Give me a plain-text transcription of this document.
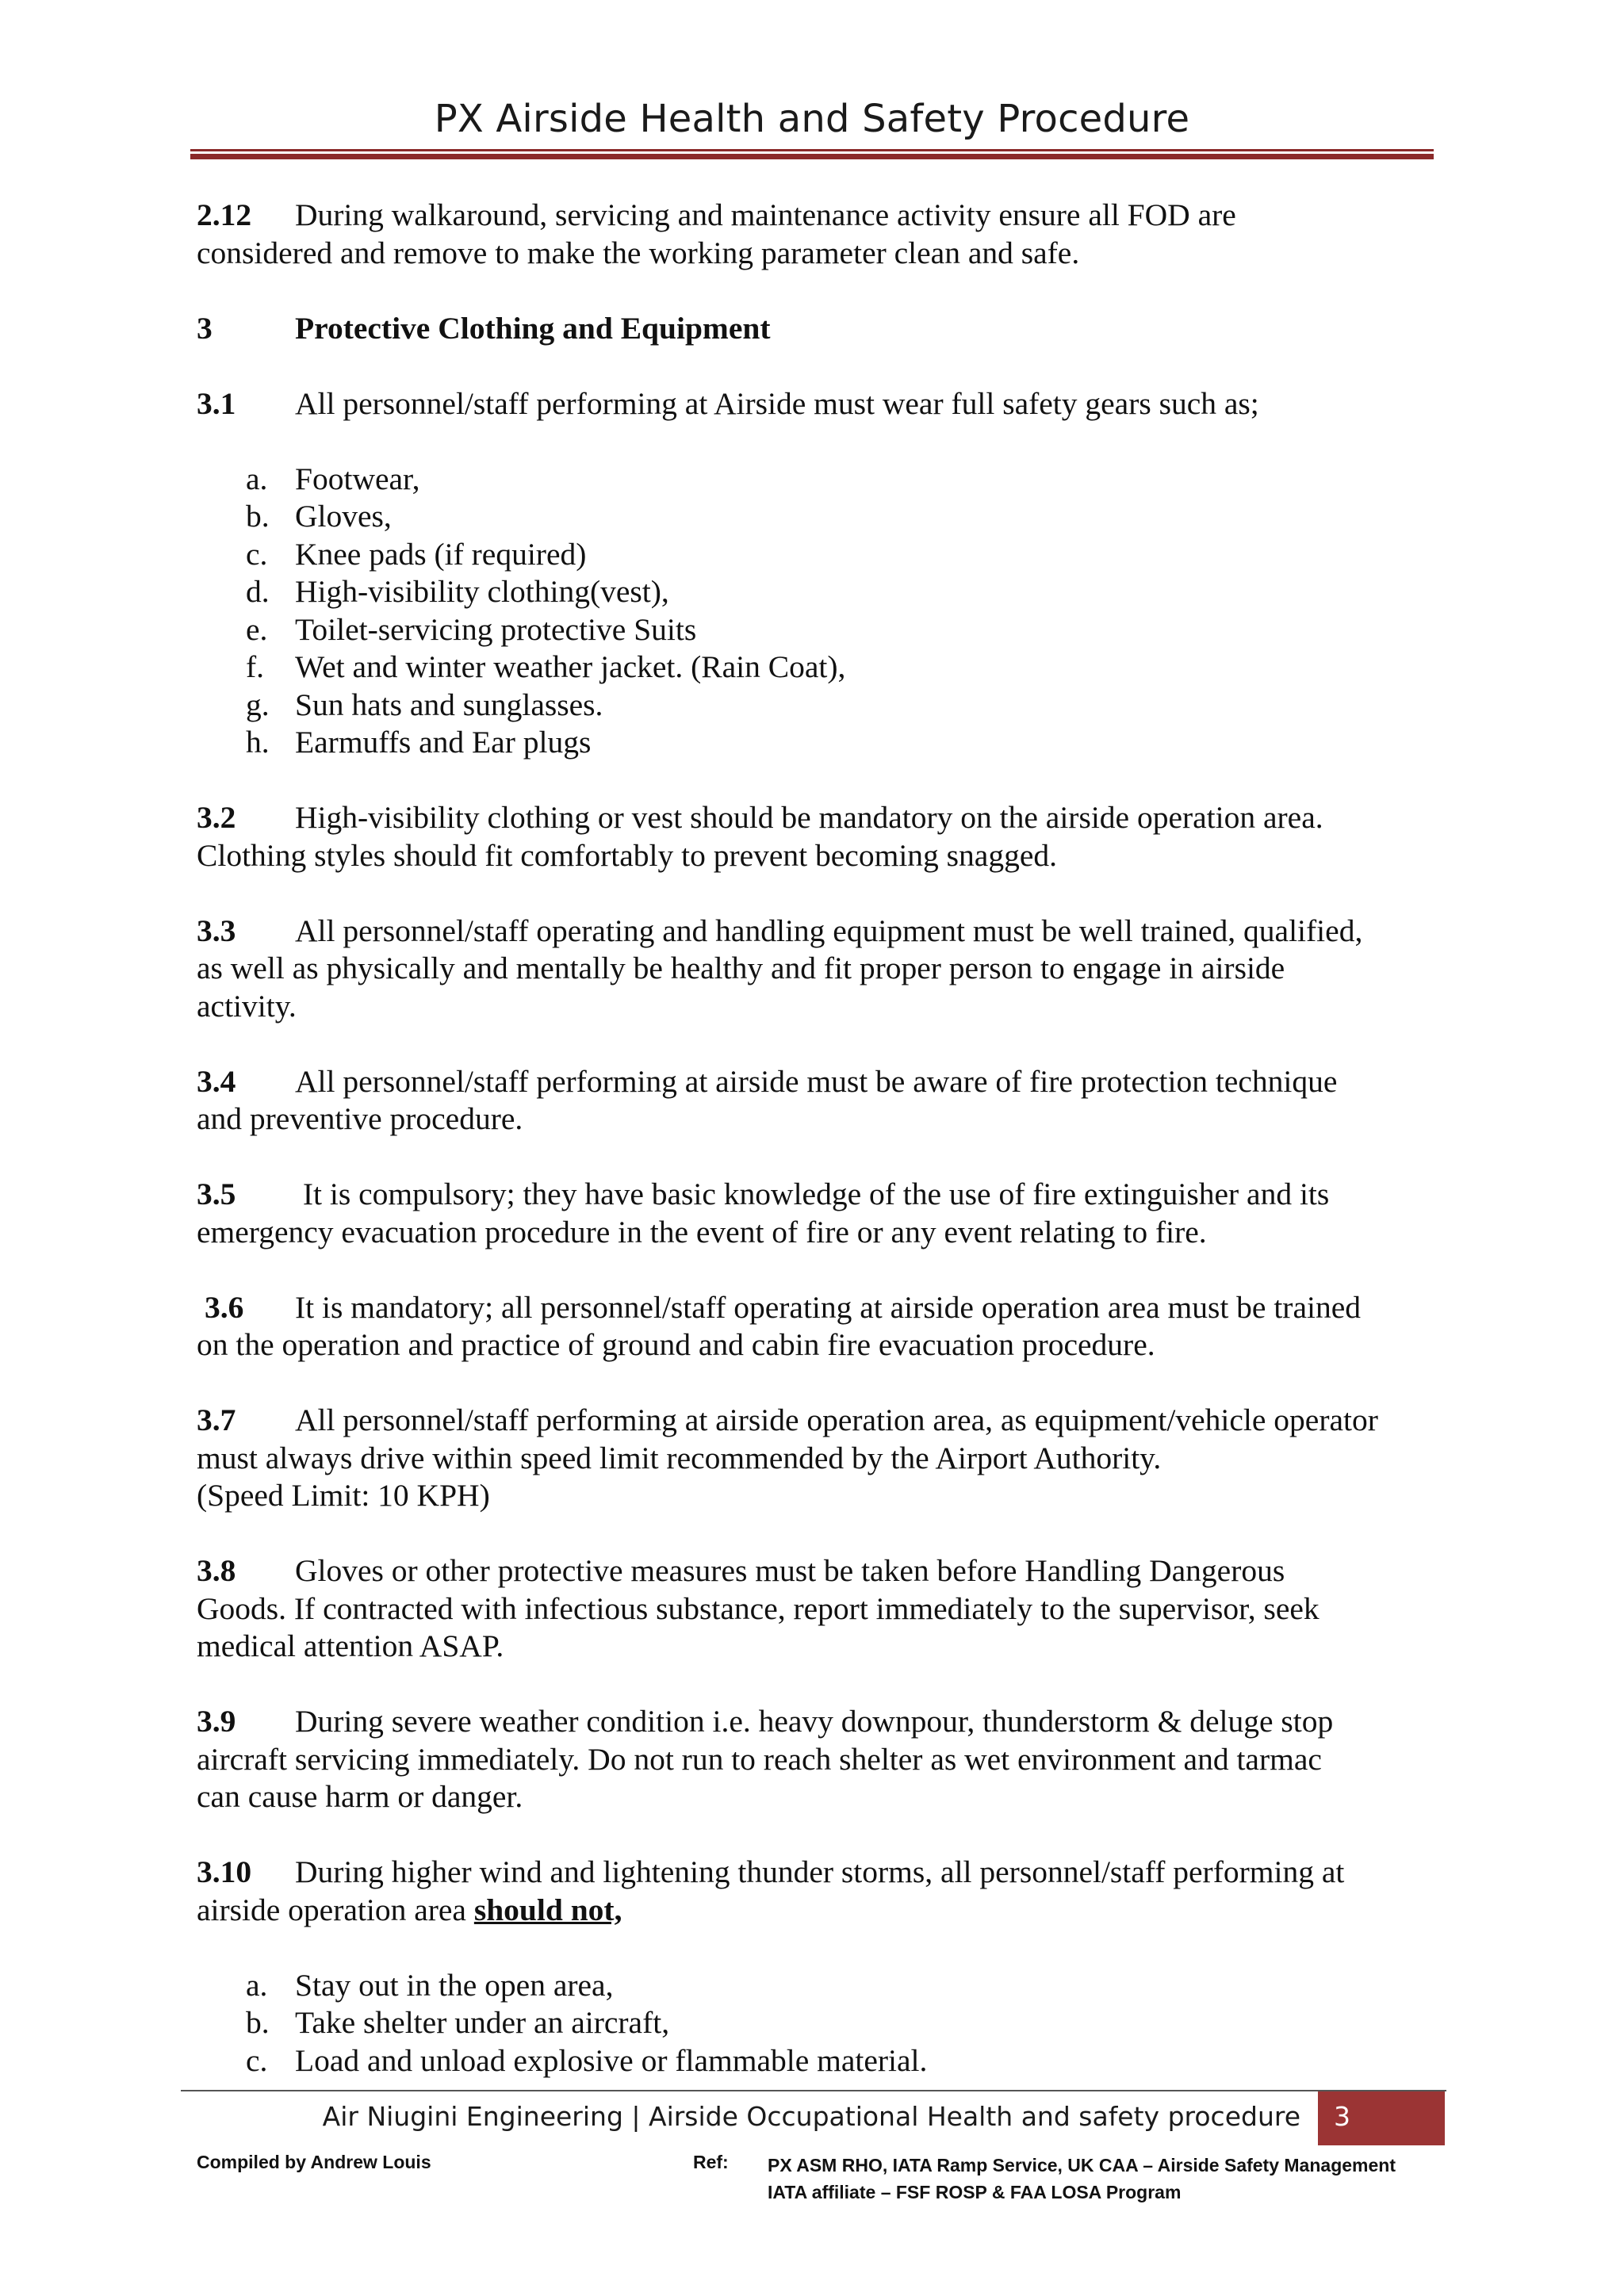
PX Airside Health and Safety Procedure

2.12 During walkaround, servicing and maintenance activity ensure all FOD are
considered and remove to make the working parameter clean and safe.

3	Protective Clothing and Equipment

3.1 All personnel/staff performing at Airside must wear full safety gears such as;

a. Footwear,
b. Gloves,
c. Knee pads (if required)
d. High-visibility clothing(vest),
e. Toilet-servicing protective Suits
f. Wet and winter weather jacket. (Rain Coat),
g. Sun hats and sunglasses.
h. Earmuffs and Ear plugs

3.2 High-visibility clothing or vest should be mandatory on the airside operation area.
Clothing styles should fit comfortably to prevent becoming snagged.

3.3 All personnel/staff operating and handling equipment must be well trained, qualified,
as well as physically and mentally be healthy and fit proper person to engage in airside
activity.

3.4 All personnel/staff performing at airside must be aware of fire protection technique
and preventive procedure.

3.5 It is compulsory; they have basic knowledge of the use of fire extinguisher and its
emergency evacuation procedure in the event of fire or any event relating to fire.

3.6 It is mandatory; all personnel/staff operating at airside operation area must be trained
on the operation and practice of ground and cabin fire evacuation procedure.

3.7 All personnel/staff performing at airside operation area, as equipment/vehicle operator
must always drive within speed limit recommended by the Airport Authority.
(Speed Limit: 10 KPH)

3.8 Gloves or other protective measures must be taken before Handling Dangerous
Goods. If contracted with infectious substance, report immediately to the supervisor, seek
medical attention ASAP.

3.9 During severe weather condition i.e. heavy downpour, thunderstorm & deluge stop
aircraft servicing immediately. Do not run to reach shelter as wet environment and tarmac
can cause harm or danger.

3.10 During higher wind and lightening thunder storms, all personnel/staff performing at
airside operation area should not,

a. Stay out in the open area,
b. Take shelter under an aircraft,
c. Load and unload explosive or flammable material.
Air Niugini Engineering | Airside Occupational Health and safety procedure 3
Compiled by Andrew Louis	Ref: PX ASM RHO, IATA Ramp Service, UK CAA – Airside Safety Management
IATA affiliate – FSF ROSP & FAA LOSA Program
